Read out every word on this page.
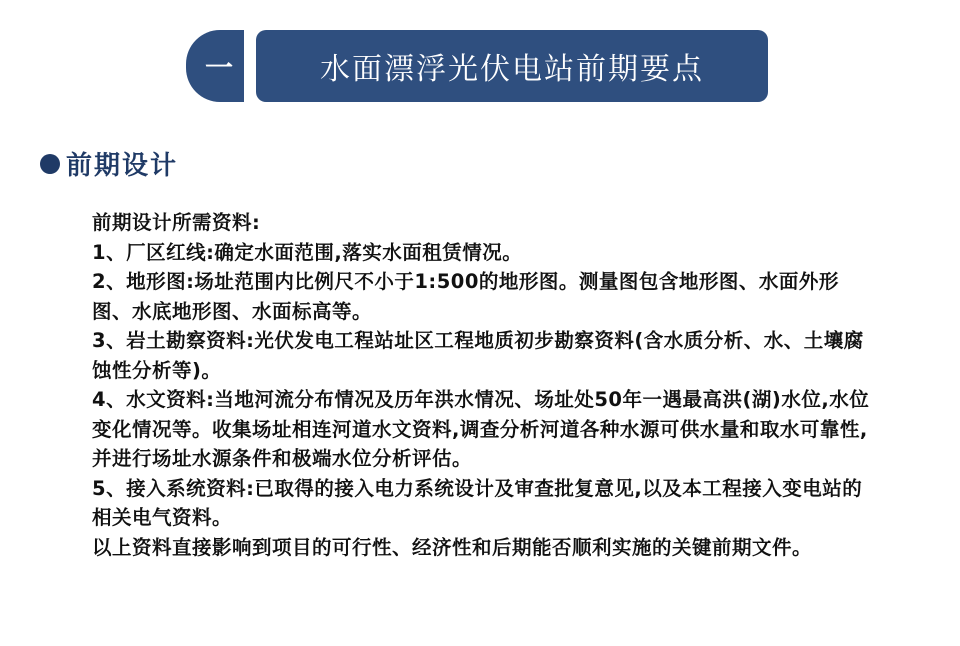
一	水面漂浮光伏电站前期要点
前期设计

前期设计所需资料:

1、厂区红线:确定水面范围,落实水面租赁情况。

2、地形图:场址范围内比例尺不小于1:500的地形图。测量图包含地形图、水面外形图、水底地形图、水面标高等。

3、岩土勘察资料:光伏发电工程站址区工程地质初步勘察资料(含水质分析、水、土壤腐蚀性分析等)。

4、水文资料:当地河流分布情况及历年洪水情况、场址处50年一遇最高洪(湖)水位,水位变化情况等。收集场址相连河道水文资料,调查分析河道各种水源可供水量和取水可靠性,并进行场址水源条件和极端水位分析评估。

5、接入系统资料:已取得的接入电力系统设计及审查批复意见,以及本工程接入变电站的相关电气资料。

以上资料直接影响到项目的可行性、经济性和后期能否顺利实施的关键前期文件。
